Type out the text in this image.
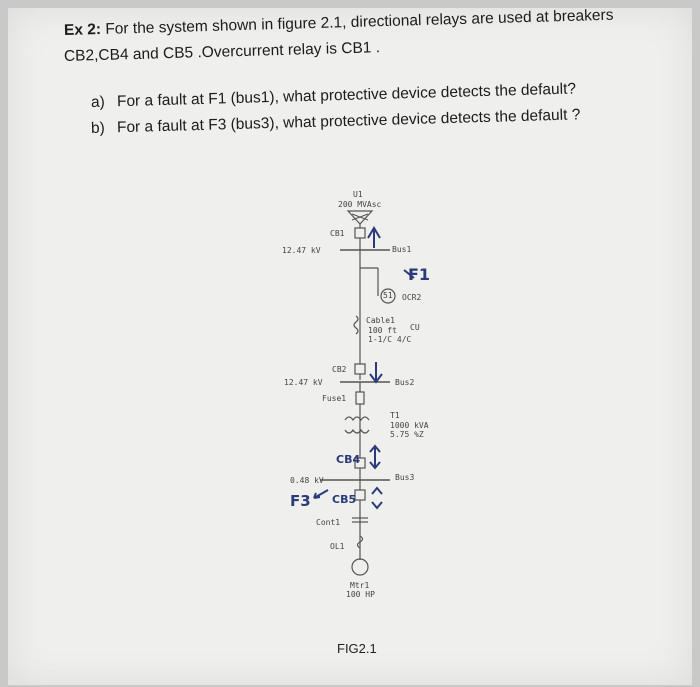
Ex 2: For the system shown in figure 2.1, directional relays are used at breakers
CB2,CB4 and CB5 .Overcurrent relay is CB1 .
a) For a fault at F1 (bus1), what protective device detects the default?
b) For a fault at F3 (bus3), what protective device detects the default ?
U1
200 MVAsc
CB1
12.47 kV	Bus1
F1
51 OCR2
Cable1
100 ft
1-1/C 4/C
CU
CB2
12.47 kV	Bus2
Fuse1
T1
1000 kVA
5.75 %Z
CB4
0.48 kV	Bus3
F3 CB5
Cont1
OL1
Mtr1
100 HP
FIG2.1
